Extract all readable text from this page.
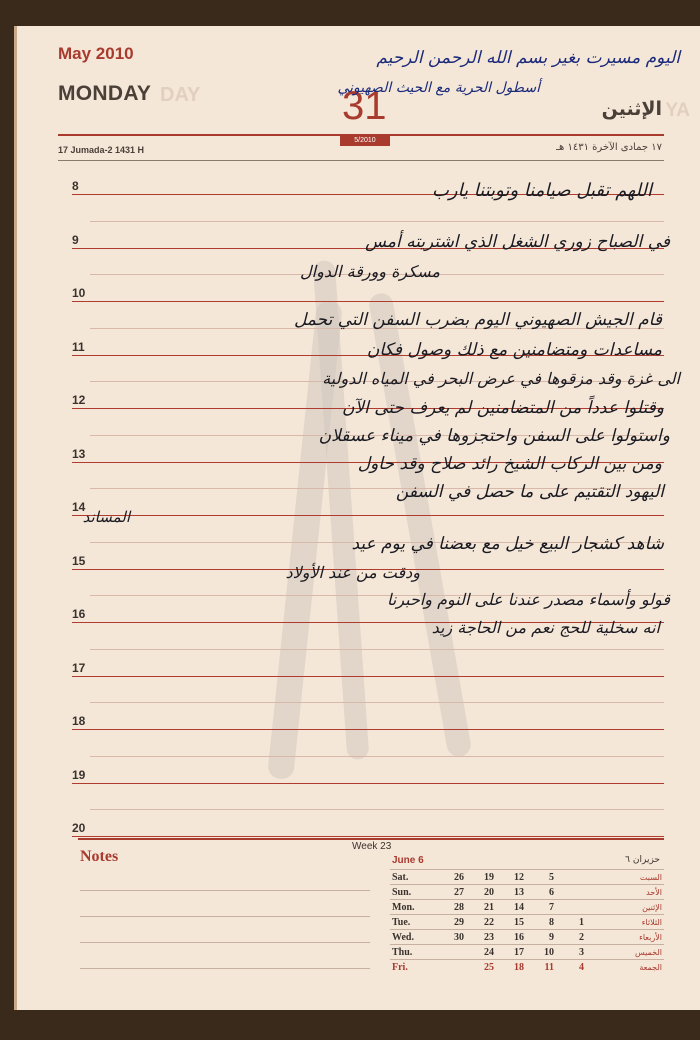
May 2010
MONDAY DAY	31	الإثنين YA
5/2010
17 Jumada-2 1431 H	١٧ جمادى الآخرة ١٤٣١ هـ
اليوم مسيرت بغير بسم الله الرحمن الرحيم
أسطول الحرية مع الحيث الصهيوني
8
9
10
11
12
13
14
15
16
17
18
19
20
اللهم تقبل صيامنا وتوبتنا يارب
في الصباح زوري الشغل الذي اشتريته أمس
مسكرة وورقة الدوال
قام الجيش الصهيوني اليوم بضرب السفن التي تحمل
مساعدات ومتضامنين مع ذلك وصول فكان
الى غزة وقد مزقوها في عرض البحر في المياه الدولية
وقتلوا عدداً من المتضامنين لم يعرف حتى الآن
واستولوا على السفن واحتجزوها في ميناء عسقلان
ومن بين الركاب الشيخ رائد صلاح وقد حاول
اليهود التقتيم على ما حصل في السفن
المساند
شاهد كشجار البيع خيل مع بعضنا في يوم عيد
ودقت من عند الأولاد
قولو وأسماء مصدر عندنا على النوم واحبرنا
انه سخلية للحج نعم من الحاجة زيد
Notes
Week 23
June 6	حزيران ٦
Sat.	26	19	12	5		السبت
Sun.	27	20	13	6		الأحد
Mon.	28	21	14	7		الإثنين
Tue.	29	22	15	8	1	الثلاثاء
Wed.	30	23	16	9	2	الأربعاء
Thu.		24	17	10	3	الخميس
Fri.		25	18	11	4	الجمعة
